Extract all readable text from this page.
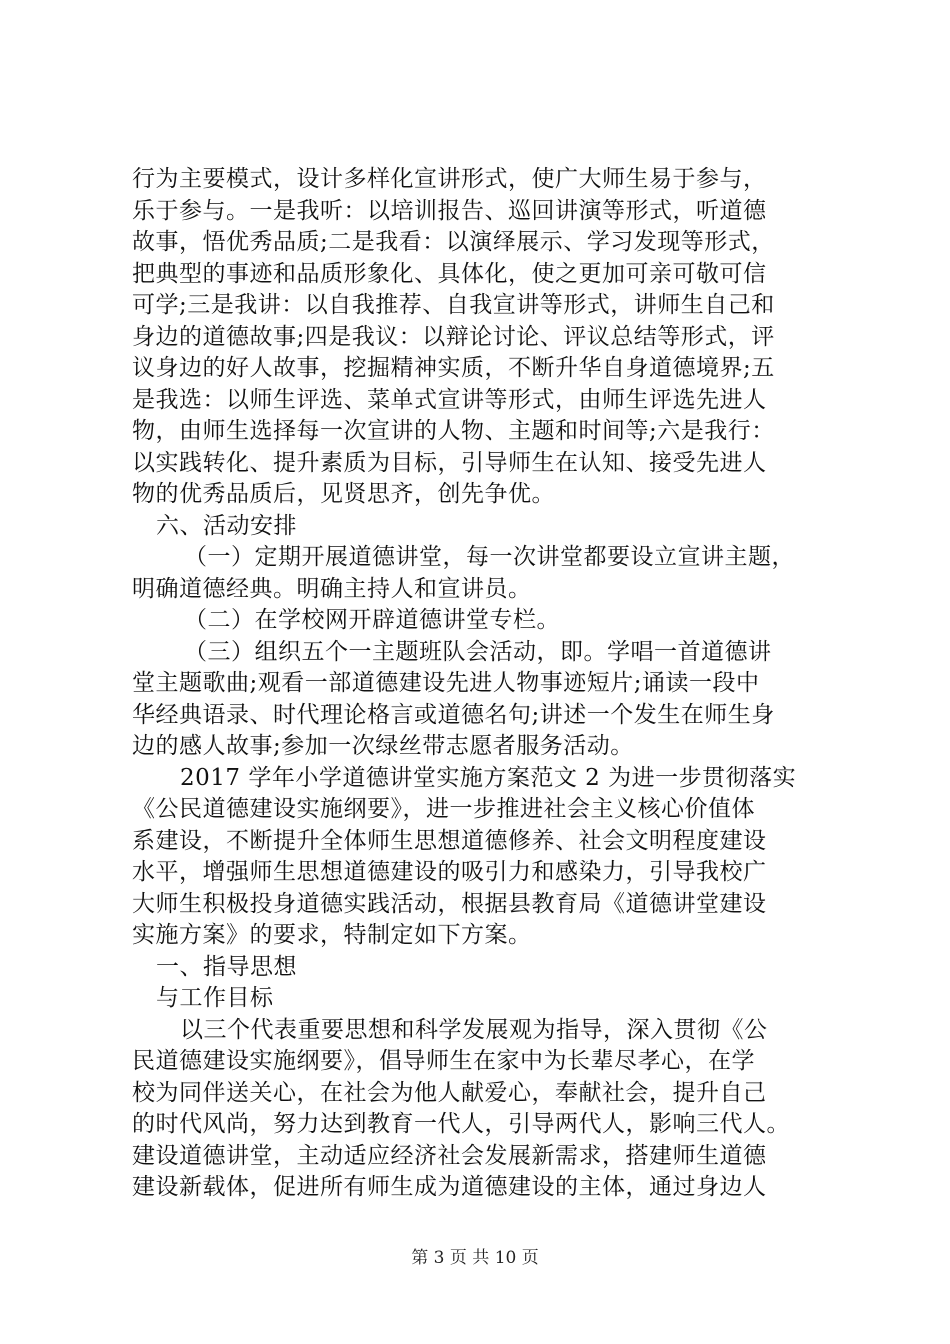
行为主要模式，设计多样化宣讲形式，使广大师生易于参与，
乐于参与。一是我听：以培训报告、巡回讲演等形式，听道德
故事，悟优秀品质;二是我看：以演绎展示、学习发现等形式，
把典型的事迹和品质形象化、具体化，使之更加可亲可敬可信
可学;三是我讲：以自我推荐、自我宣讲等形式，讲师生自己和
身边的道德故事;四是我议：以辩论讨论、评议总结等形式，评
议身边的好人故事，挖掘精神实质，不断升华自身道德境界;五
是我选：以师生评选、菜单式宣讲等形式，由师生评选先进人
物，由师生选择每一次宣讲的人物、主题和时间等;六是我行：
以实践转化、提升素质为目标，引导师生在认知、接受先进人
物的优秀品质后，见贤思齐，创先争优。
六、活动安排
（一）定期开展道德讲堂，每一次讲堂都要设立宣讲主题，
明确道德经典。明确主持人和宣讲员。
（二）在学校网开辟道德讲堂专栏。
（三）组织五个一主题班队会活动，即。学唱一首道德讲
堂主题歌曲;观看一部道德建设先进人物事迹短片;诵读一段中
华经典语录、时代理论格言或道德名句;讲述一个发生在师生身
边的感人故事;参加一次绿丝带志愿者服务活动。
2017 学年小学道德讲堂实施方案范文 2 为进一步贯彻落实
《公民道德建设实施纲要》，进一步推进社会主义核心价值体
系建设，不断提升全体师生思想道德修养、社会文明程度建设
水平，增强师生思想道德建设的吸引力和感染力，引导我校广
大师生积极投身道德实践活动，根据县教育局《道德讲堂建设
实施方案》的要求，特制定如下方案。
一、指导思想
与工作目标
以三个代表重要思想和科学发展观为指导，深入贯彻《公
民道德建设实施纲要》，倡导师生在家中为长辈尽孝心，在学
校为同伴送关心，在社会为他人献爱心，奉献社会，提升自己
的时代风尚，努力达到教育一代人，引导两代人，影响三代人。
建设道德讲堂，主动适应经济社会发展新需求，搭建师生道德
建设新载体，促进所有师生成为道德建设的主体，通过身边人
第 3 页 共 10 页
